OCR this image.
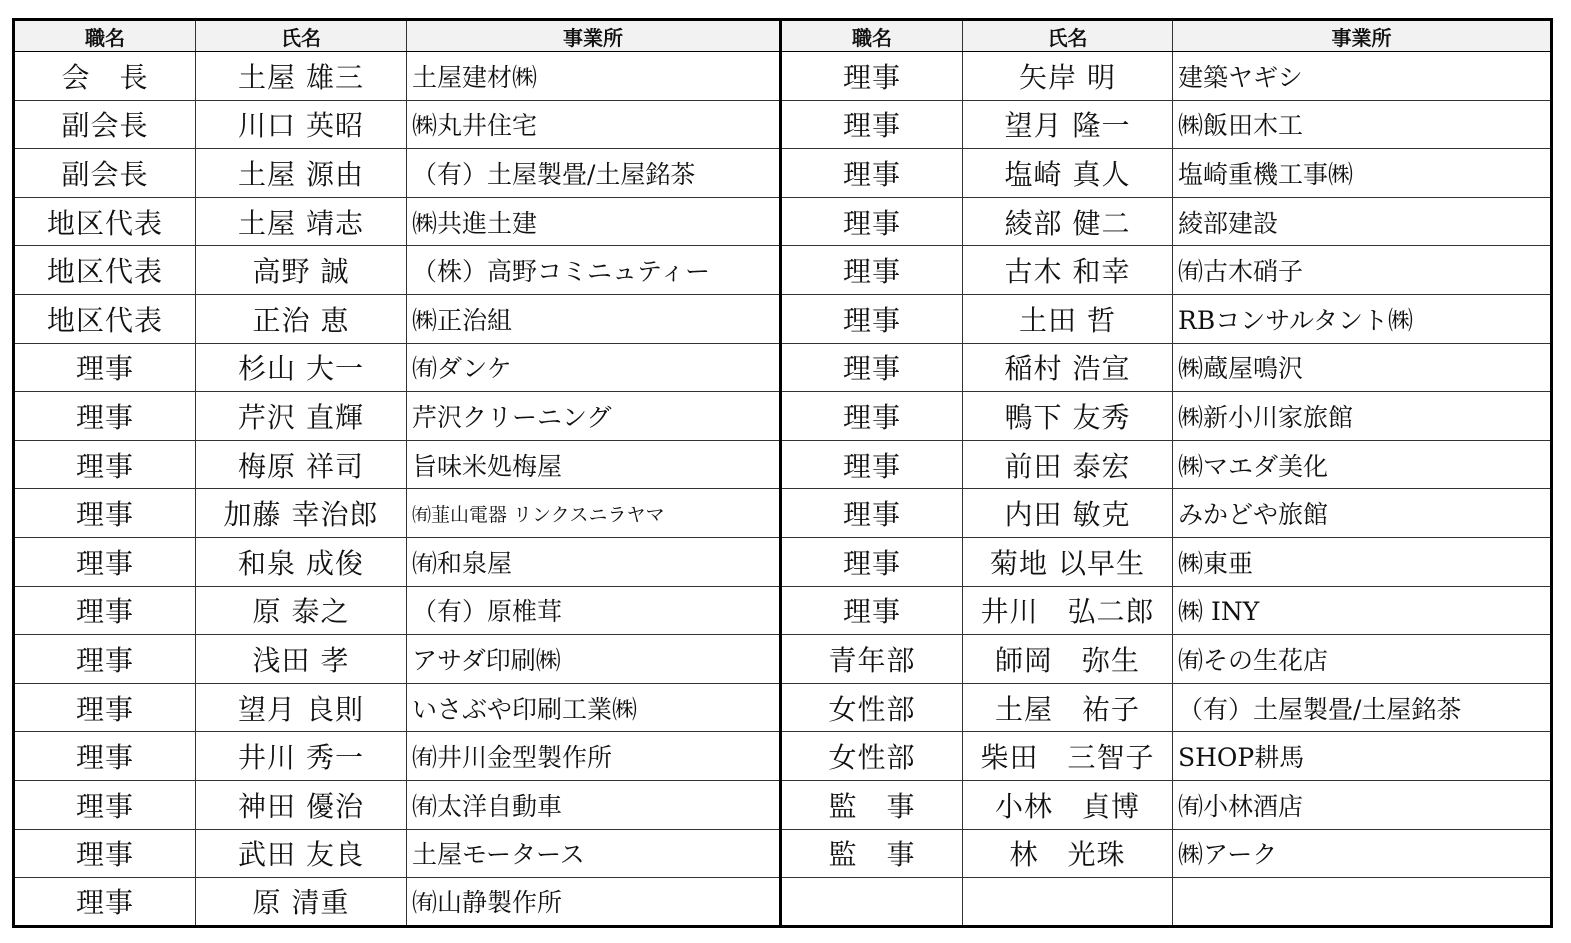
職名	氏名	事業所	職名	氏名	事業所
会　長	土屋 雄三	土屋建材㈱	理事	矢岸 明	建築ヤギシ
副会長	川口 英昭	㈱丸井住宅	理事	望月 隆一	㈱飯田木工
副会長	土屋 源由	（有）土屋製畳/土屋銘茶	理事	塩崎 真人	塩崎重機工事㈱
地区代表	土屋 靖志	㈱共進土建	理事	綾部 健二	綾部建設
地区代表	高野 誠	（株）高野コミニュティー	理事	古木 和幸	㈲古木硝子
地区代表	正治 恵	㈱正治組	理事	土田 哲	RBコンサルタント㈱
理事	杉山 大一	㈲ダンケ	理事	稲村 浩宣	㈱蔵屋鳴沢
理事	芹沢 直輝	芹沢クリーニング	理事	鴨下 友秀	㈱新小川家旅館
理事	梅原 祥司	旨味米処梅屋	理事	前田 泰宏	㈱マエダ美化
理事	加藤 幸治郎	㈲韮山電器 リンクスニラヤマ	理事	内田 敏克	みかどや旅館
理事	和泉 成俊	㈲和泉屋	理事	菊地 以早生	㈱東亜
理事	原 泰之	（有）原椎茸	理事	井川　弘二郎	㈱ INY
理事	浅田 孝	アサダ印刷㈱	青年部	師岡　弥生	㈲その生花店
理事	望月 良則	いさぶや印刷工業㈱	女性部	土屋　祐子	（有）土屋製畳/土屋銘茶
理事	井川 秀一	㈲井川金型製作所	女性部	柴田　三智子	SHOP耕馬
理事	神田 優治	㈲太洋自動車	監　事	小林　貞博	㈲小林酒店
理事	武田 友良	土屋モータース	監　事	林　光珠	㈱アーク
理事	原 清重	㈲山静製作所			
